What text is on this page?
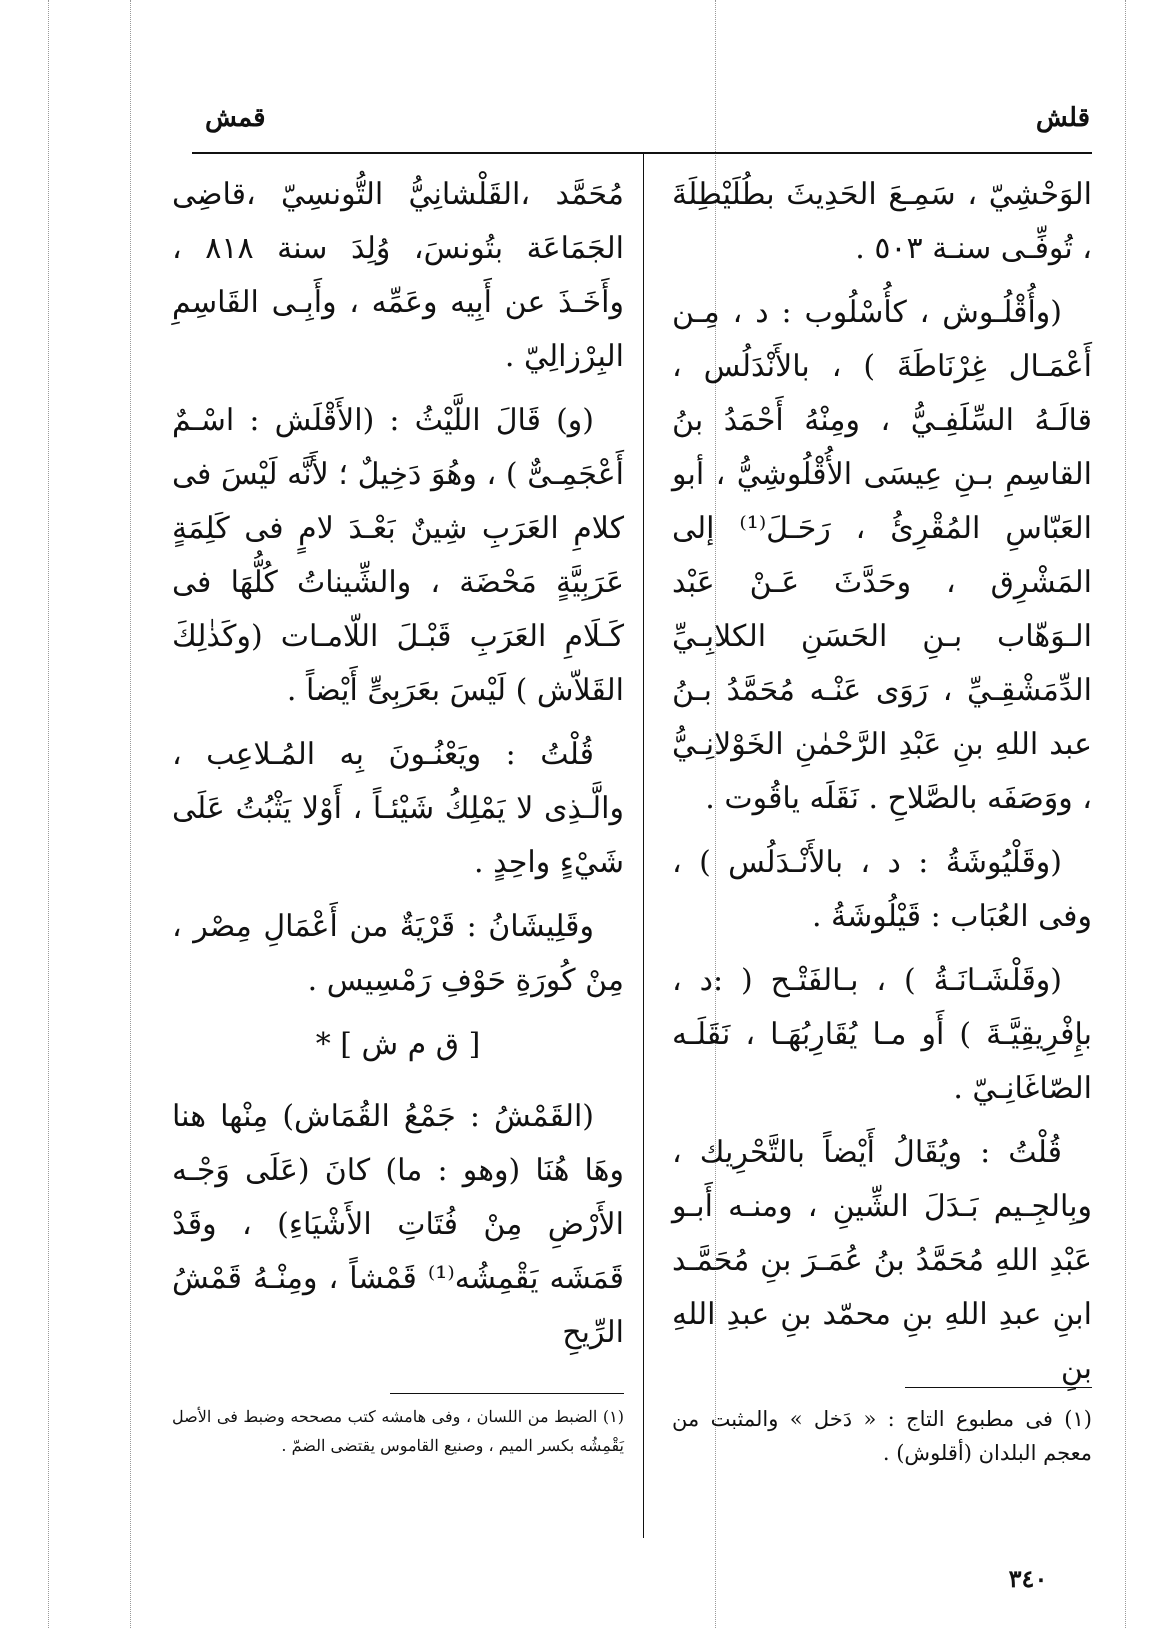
قلش
قمش

الوَحْشِيّ ، سَمِـعَ الحَدِيثَ بطُلَيْطِلَةَ ، تُوفِّـى سنـة ٥٠٣ .

(وأُقْلُـوش ، كأُسْلُوب : د ، مِـن أَعْمَـال غِرْنَاطَةَ ) ، بالأَنْدَلُس ، قالَـهُ السِّلَفِـيُّ ، ومِنْهُ أَحْمَدُ بنُ القاسِمِ بـنِ عِيسَى الأُقْلُوشِيُّ ، أبو العَبّاسِ المُقْرِئُ ، رَحَـلَ⁽¹⁾ إلى المَشْرِق ، وحَدَّثَ عَـنْ عَبْد الـوَهّاب بـنِ الحَسَنِ الكلابِـيِّ الدِّمَشْقِـيِّ ، رَوَى عَنْـه مُحَمَّدُ بـنُ عبد اللهِ بنِ عَبْدِ الرَّحْمٰنِ الخَوْلانِـيُّ ، ووَصَفَه بالصَّلاحِ . نَقَلَه ياقُوت .

(وقَلْيُوشَةُ : د ، بالأَنْـدَلُس ) ، وفى العُبَاب : قَيْلُوشَةُ .

(وقَلْشَـانَـةُ ) ، بـالفَتْـح ( :د ، بإِفْرِيقِيَّـةَ ) أَو مـا يُقَارِبُهَـا ، نَقَلَـه الصّاغَانِـيّ .

قُلْتُ : ويُقَالُ أَيْضاً بالتَّحْرِيك ، وبِالجِـيم بَـدَلَ الشِّينِ ، ومنـه أَبـو عَبْدِ اللهِ مُحَمَّدُ بنُ عُمَـرَ بنِ مُحَمَّـد ابنِ عبدِ اللهِ بنِ محمّد بنِ عبدِ اللهِ بنِ

(١) فى مطبوع التاج : « دَخل » والمثبت من معجم البلدان (أقلوش) .

مُحَمَّد ،القَلْشانِيُّ التُّونسِيّ ،قاضِى الجَمَاعَة بتُونسَ، وُلِدَ سنة ٨١٨ ، وأَخَـذَ عن أَبِيه وعَمِّه ، وأَبِـى القَاسِمِ البِرْزالِيّ .

(و) قَالَ اللَّيْثُ : (الأَقْلَش : اسْـمٌ أَعْجَمِـىٌّ ) ، وهُوَ دَخِيلٌ ؛ لأَنَّه لَيْسَ فى كلامِ العَرَبِ شِينٌ بَعْـدَ لامٍ فى كَلِمَةٍ عَرَبِيَّةٍ مَحْضَة ، والشِّيناتُ كُلُّهَا فى كَـلَامِ العَرَبِ قَبْـلَ اللّامـات (وكَذٰلِكَ القَلاّش ) لَيْسَ بعَرَبِىٍّ أَيْضاً .

قُلْتُ : ويَعْنُـونَ بِه المُـلاعِب ، والَّـذِى لا يَمْلِكُ شَيْئـاً ، أَوْلا يَثْبُتُ عَلَى شَيْءٍ واحِدٍ .

وقَلِيشَانُ : قَرْيَةٌ من أَعْمَالِ مِصْر ، مِنْ كُورَةِ حَوْفِ رَمْسِيس .

[ ق م ش ] *

(القَمْشُ : جَمْعُ القُمَاش) مِنْها هنا وهَا هُنَا (وهو : ما) كانَ (عَلَى وَجْـه الأَرْضِ مِنْ فُتَاتِ الأَشْيَاءِ) ، وقَدْ قَمَشَه يَقْمِشُه⁽¹⁾ قَمْشاً ، ومِنْـهُ قَمْشُ الرِّيحِ

(١) الضبط من اللسان ، وفى هامشه كتب مصححه وضبط فى الأصل يَقْمِشُه بكسر الميم ، وصنيع القاموس يقتضى الضمّ .
٣٤٠
